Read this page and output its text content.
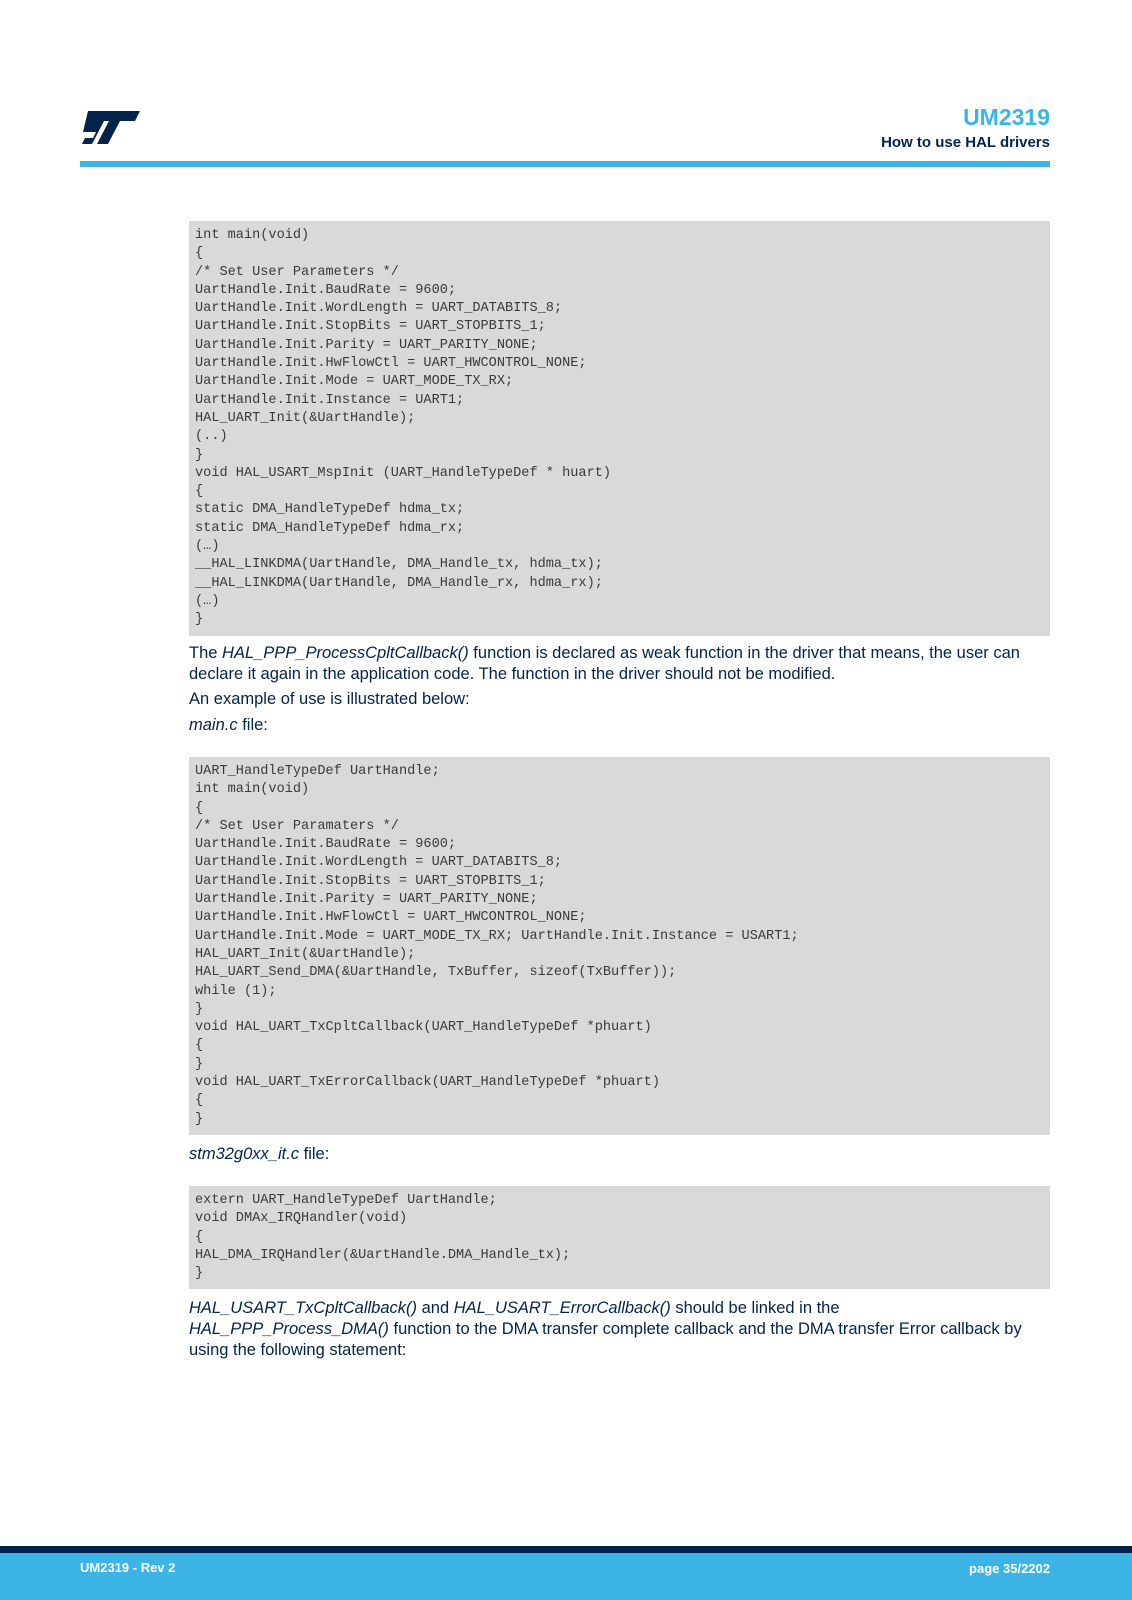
UM2319
How to use HAL drivers
int main(void)
{
/* Set User Parameters */
UartHandle.Init.BaudRate = 9600;
UartHandle.Init.WordLength = UART_DATABITS_8;
UartHandle.Init.StopBits = UART_STOPBITS_1;
UartHandle.Init.Parity = UART_PARITY_NONE;
UartHandle.Init.HwFlowCtl = UART_HWCONTROL_NONE;
UartHandle.Init.Mode = UART_MODE_TX_RX;
UartHandle.Init.Instance = UART1;
HAL_UART_Init(&UartHandle);
(..)
}
void HAL_USART_MspInit (UART_HandleTypeDef * huart)
{
static DMA_HandleTypeDef hdma_tx;
static DMA_HandleTypeDef hdma_rx;
(…)
__HAL_LINKDMA(UartHandle, DMA_Handle_tx, hdma_tx);
__HAL_LINKDMA(UartHandle, DMA_Handle_rx, hdma_rx);
(…)
}
The HAL_PPP_ProcessCpltCallback() function is declared as weak function in the driver that means, the user can declare it again in the application code. The function in the driver should not be modified.
An example of use is illustrated below:
main.c file:
UART_HandleTypeDef UartHandle;
int main(void)
{
/* Set User Paramaters */
UartHandle.Init.BaudRate = 9600;
UartHandle.Init.WordLength = UART_DATABITS_8;
UartHandle.Init.StopBits = UART_STOPBITS_1;
UartHandle.Init.Parity = UART_PARITY_NONE;
UartHandle.Init.HwFlowCtl = UART_HWCONTROL_NONE;
UartHandle.Init.Mode = UART_MODE_TX_RX; UartHandle.Init.Instance = USART1;
HAL_UART_Init(&UartHandle);
HAL_UART_Send_DMA(&UartHandle, TxBuffer, sizeof(TxBuffer));
while (1);
}
void HAL_UART_TxCpltCallback(UART_HandleTypeDef *phuart)
{
}
void HAL_UART_TxErrorCallback(UART_HandleTypeDef *phuart)
{
}
stm32g0xx_it.c file:
extern UART_HandleTypeDef UartHandle;
void DMAx_IRQHandler(void)
{
HAL_DMA_IRQHandler(&UartHandle.DMA_Handle_tx);
}
HAL_USART_TxCpltCallback() and HAL_USART_ErrorCallback() should be linked in the
HAL_PPP_Process_DMA() function to the DMA transfer complete callback and the DMA transfer Error callback by using the following statement:
UM2319 - Rev 2	page 35/2202
